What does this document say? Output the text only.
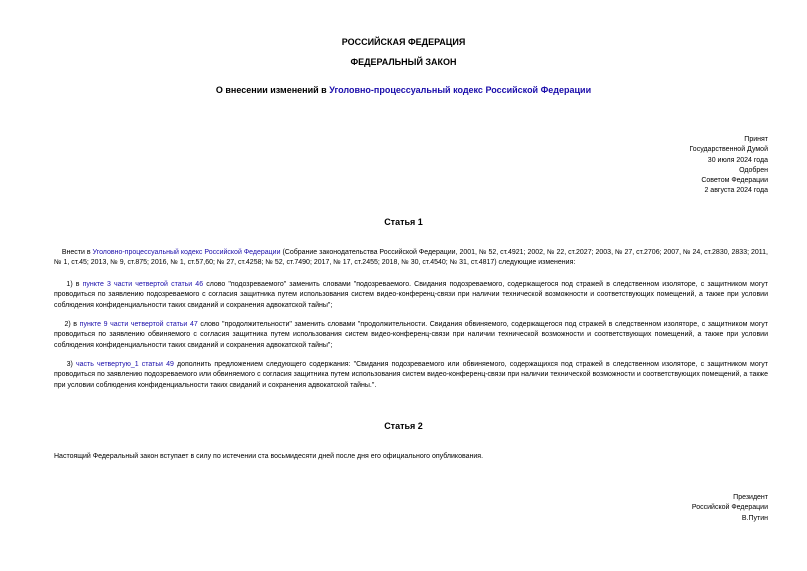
РОССИЙСКАЯ ФЕДЕРАЦИЯ
ФЕДЕРАЛЬНЫЙ ЗАКОН
О внесении изменений в Уголовно-процессуальный кодекс Российской Федерации
Принят
Государственной Думой
30 июля 2024 года
Одобрен
Советом Федерации
2 августа 2024 года
Статья 1
Внести в Уголовно-процессуальный кодекс Российской Федерации (Собрание законодательства Российской Федерации, 2001, № 52, ст.4921; 2002, № 22, ст.2027; 2003, № 27, ст.2706; 2007, № 24, ст.2830, 2833; 2011, № 1, ст.45; 2013, № 9, ст.875; 2016, № 1, ст.57,60; № 27, ст.4258; № 52, ст.7490; 2017, № 17, ст.2455; 2018, № 30, ст.4540; № 31, ст.4817) следующие изменения:
1) в пункте 3 части четвертой статьи 46 слово "подозреваемого" заменить словами "подозреваемого. Свидания подозреваемого, содержащегося под стражей в следственном изоляторе, с защитником могут проводиться по заявлению подозреваемого с согласия защитника путем использования систем видео-конференц-связи при наличии технической возможности и соответствующих помещений, а также при условии соблюдения конфиденциальности таких свиданий и сохранения адвокатской тайны";
2) в пункте 9 части четвертой статьи 47 слово "продолжительности" заменить словами "продолжительности. Свидания обвиняемого, содержащегося под стражей в следственном изоляторе, с защитником могут проводиться по заявлению обвиняемого с согласия защитника путем использования систем видео-конференц-связи при наличии технической возможности и соответствующих помещений, а также при условии соблюдения конфиденциальности таких свиданий и сохранения адвокатской тайны";
3) часть четвертую_1 статьи 49 дополнить предложением следующего содержания: "Свидания подозреваемого или обвиняемого, содержащихся под стражей в следственном изоляторе, с защитником могут проводиться по заявлению подозреваемого или обвиняемого с согласия защитника путем использования систем видео-конференц-связи при наличии технической возможности и соответствующих помещений, а также при условии соблюдения конфиденциальности таких свиданий и сохранения адвокатской тайны.".
Статья 2
Настоящий Федеральный закон вступает в силу по истечении ста восьмидесяти дней после дня его официального опубликования.
Президент
Российской Федерации
В.Путин
